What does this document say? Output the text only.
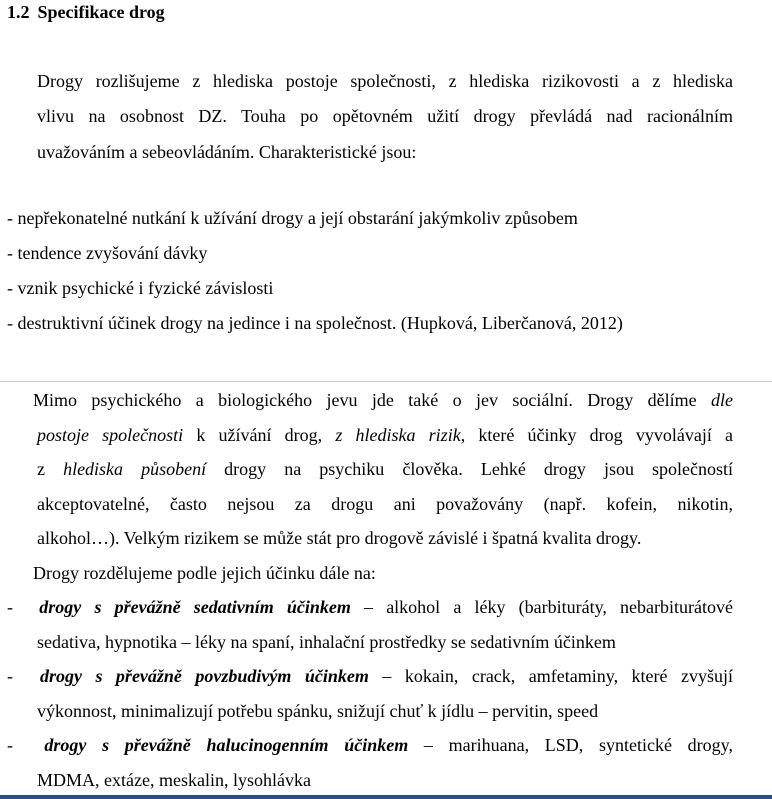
1.2 Specifikace drog
Drogy rozlišujeme z hlediska postoje společnosti, z hlediska rizikovosti a z hlediska
vlivu na osobnost DZ. Touha po opětovném užití drogy převládá nad racionálním
uvažováním a sebeovládáním. Charakteristické jsou:
- nepřekonatelné nutkání k užívání drogy a její obstarání jakýmkoliv způsobem
- tendence zvyšování dávky
- vznik psychické i fyzické závislosti
- destruktivní účinek drogy na jedince i na společnost. (Hupková, Liberčanová, 2012)
Mimo psychického a biologického jevu jde také o jev sociální. Drogy dělíme dle
postoje společnosti k užívání drog, z hlediska rizik, které účinky drog vyvolávají a
z hlediska působení drogy na psychiku člověka. Lehké drogy jsou společností
akceptovatelné, často nejsou za drogu ani považovány (např. kofein, nikotin,
alkohol…). Velkým rizikem se může stát pro drogově závislé i špatná kvalita drogy.
Drogy rozdělujeme podle jejich účinku dále na:
- drogy s převážně sedativním účinkem – alkohol a léky (barbituráty, nebarbiturátové
sedativa, hypnotika – léky na spaní, inhalační prostředky se sedativním účinkem
- drogy s převážně povzbudivým účinkem – kokain, crack, amfetaminy, které zvyšují
výkonnost, minimalizují potřebu spánku, snižují chuť k jídlu – pervitin, speed
- drogy s převážně halucinogenním účinkem – marihuana, LSD, syntetické drogy,
MDMA, extáze, meskalin, lysohlávka
